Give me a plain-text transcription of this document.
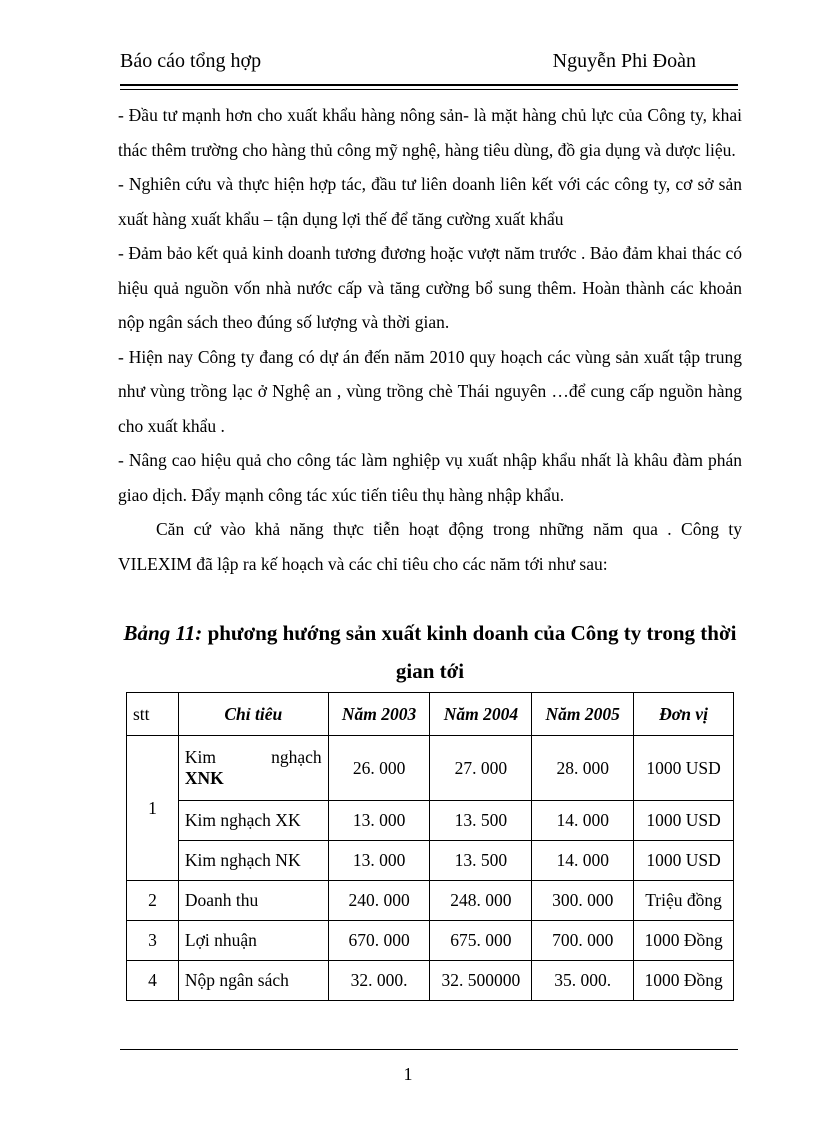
Báo cáo tổng hợp	Nguyễn Phi Đoàn

- Đầu tư mạnh hơn cho xuất khẩu hàng nông sản- là mặt hàng chủ lực của Công ty, khai thác thêm trường cho hàng thủ công mỹ nghệ, hàng tiêu dùng, đồ gia dụng và dược liệu.

- Nghiên cứu và thực hiện hợp tác, đầu tư liên doanh liên kết với các công ty, cơ sở sản xuất hàng xuất khẩu – tận dụng lợi thế để tăng cường xuất khẩu

- Đảm bảo kết quả kinh doanh tương đương hoặc vượt năm trước . Bảo đảm khai thác có hiệu quả nguồn vốn nhà nước cấp và tăng cường bổ sung thêm. Hoàn thành các khoản nộp ngân sách theo đúng số lượng và thời gian.

- Hiện nay Công ty đang có dự án đến năm 2010 quy hoạch các vùng sản xuất tập trung như vùng trồng lạc ở Nghệ an , vùng trồng chè Thái nguyên …để cung cấp nguồn hàng cho xuất khẩu .

- Nâng cao hiệu quả cho công tác làm nghiệp vụ xuất nhập khẩu nhất là khâu đàm phán giao dịch. Đẩy mạnh công tác xúc tiến tiêu thụ hàng nhập khẩu.

Căn cứ vào khả năng thực tiễn hoạt động trong những năm qua . Công ty VILEXIM đã lập ra kế hoạch và các chỉ tiêu cho các năm tới như sau:

Bảng 11: phương hướng sản xuất kinh doanh của Công ty trong thời gian tới
stt	Chỉ tiêu	Năm 2003	Năm 2004	Năm 2005	Đơn vị
1	Kim nghạch
XNK	26. 000	27. 000	28. 000	1000 USD
	Kim nghạch XK	13. 000	13. 500	14. 000	1000 USD
	Kim nghạch NK	13. 000	13. 500	14. 000	1000 USD
2	Doanh thu	240. 000	248. 000	300. 000	Triệu đồng
3	Lợi nhuận	670. 000	675. 000	700. 000	1000 Đồng
4	Nộp ngân sách	32. 000.	32. 500000	35. 000.	1000 Đồng
1
